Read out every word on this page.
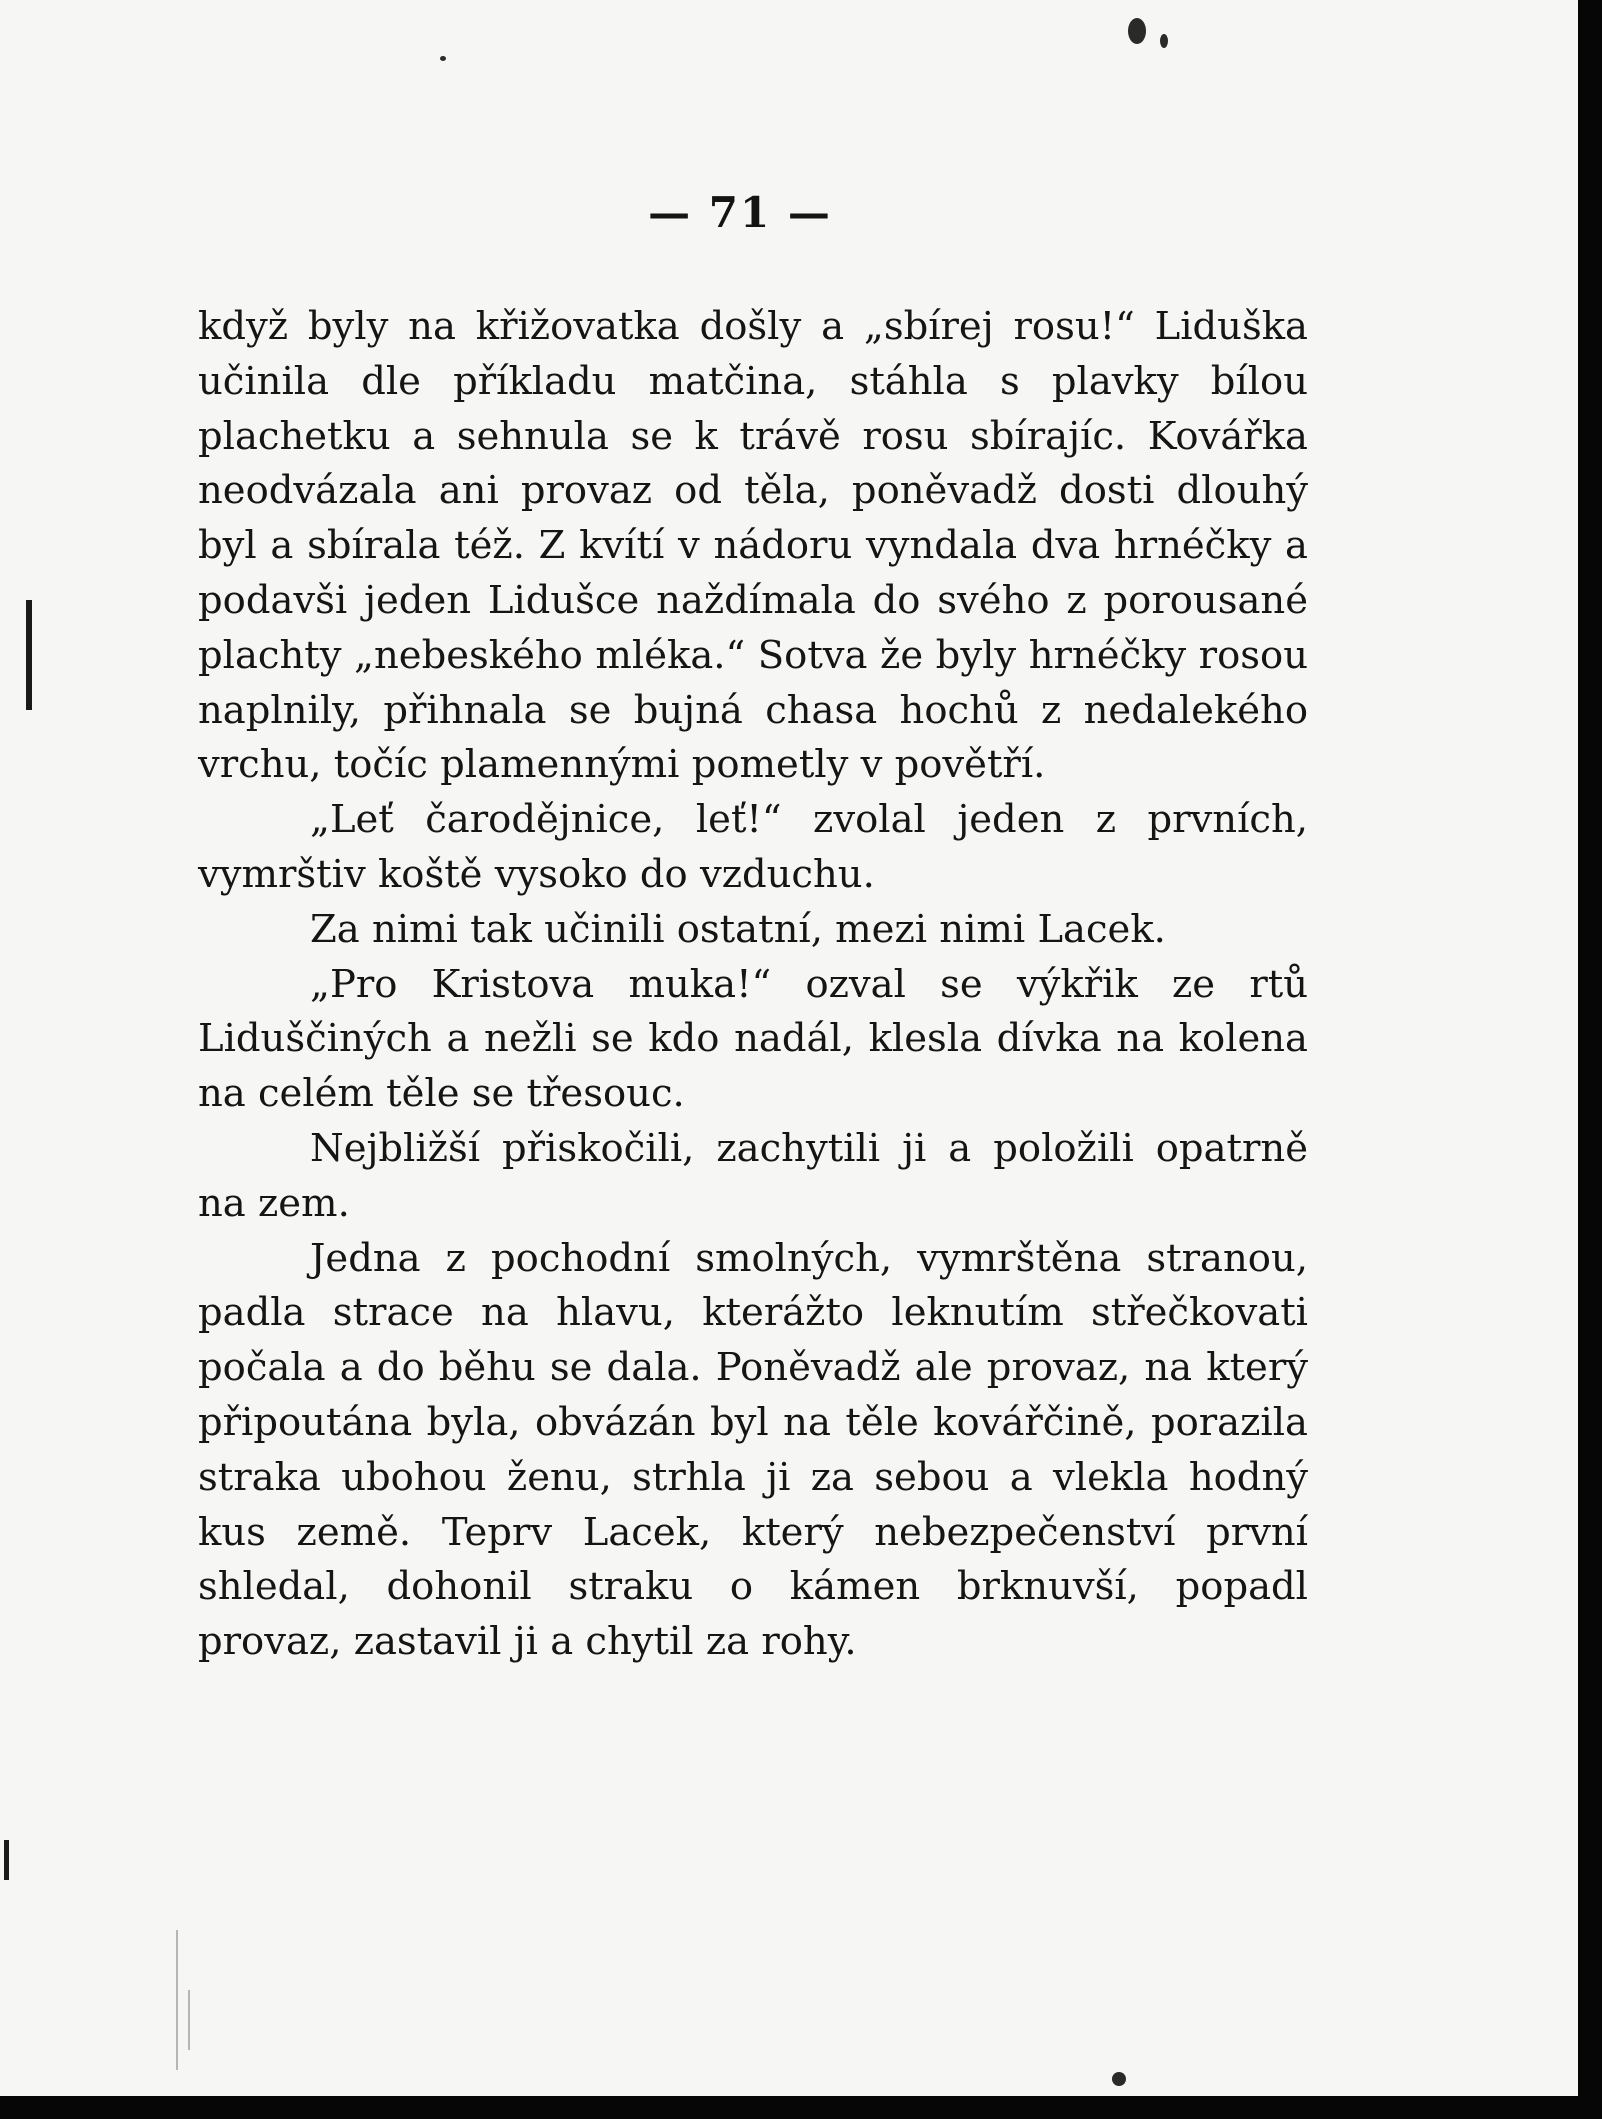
— 71 —

když byly na křižovatka došly a „sbírej rosu!“ Liduška učinila dle příkladu matčina, stáhla s plavky bílou plachetku a sehnula se k trávě rosu sbírajíc. Kovářka neodvázala ani provaz od těla, poněvadž dosti dlouhý byl a sbírala též. Z kvítí v nádoru vyndala dva hrnéčky a podavši jeden Lidušce naždímala do svého z porousané plachty „nebeského mléka.“ Sotva že byly hrnéčky rosou naplnily, přihnala se bujná chasa hochů z nedalekého vrchu, točíc plamennými pometly v povětří.

„Leť čarodějnice, leť!“ zvolal jeden z prvních, vymrštiv koště vysoko do vzduchu.

Za nimi tak učinili ostatní, mezi nimi Lacek.

„Pro Kristova muka!“ ozval se výkřik ze rtů Liduščiných a nežli se kdo nadál, klesla dívka na kolena na celém těle se třesouc.

Nejbližší přiskočili, zachytili ji a položili opatrně na zem.

Jedna z pochodní smolných, vymrštěna stranou, padla strace na hlavu, kterážto leknutím střečkovati počala a do běhu se dala. Poněvadž ale provaz, na který připoutána byla, obvázán byl na těle kovářčině, porazila straka ubohou ženu, strhla ji za sebou a vlekla hodný kus země. Teprv Lacek, který nebezpečenství první shledal, dohonil straku o kámen brknuvší, popadl provaz, zastavil ji a chytil za rohy.
